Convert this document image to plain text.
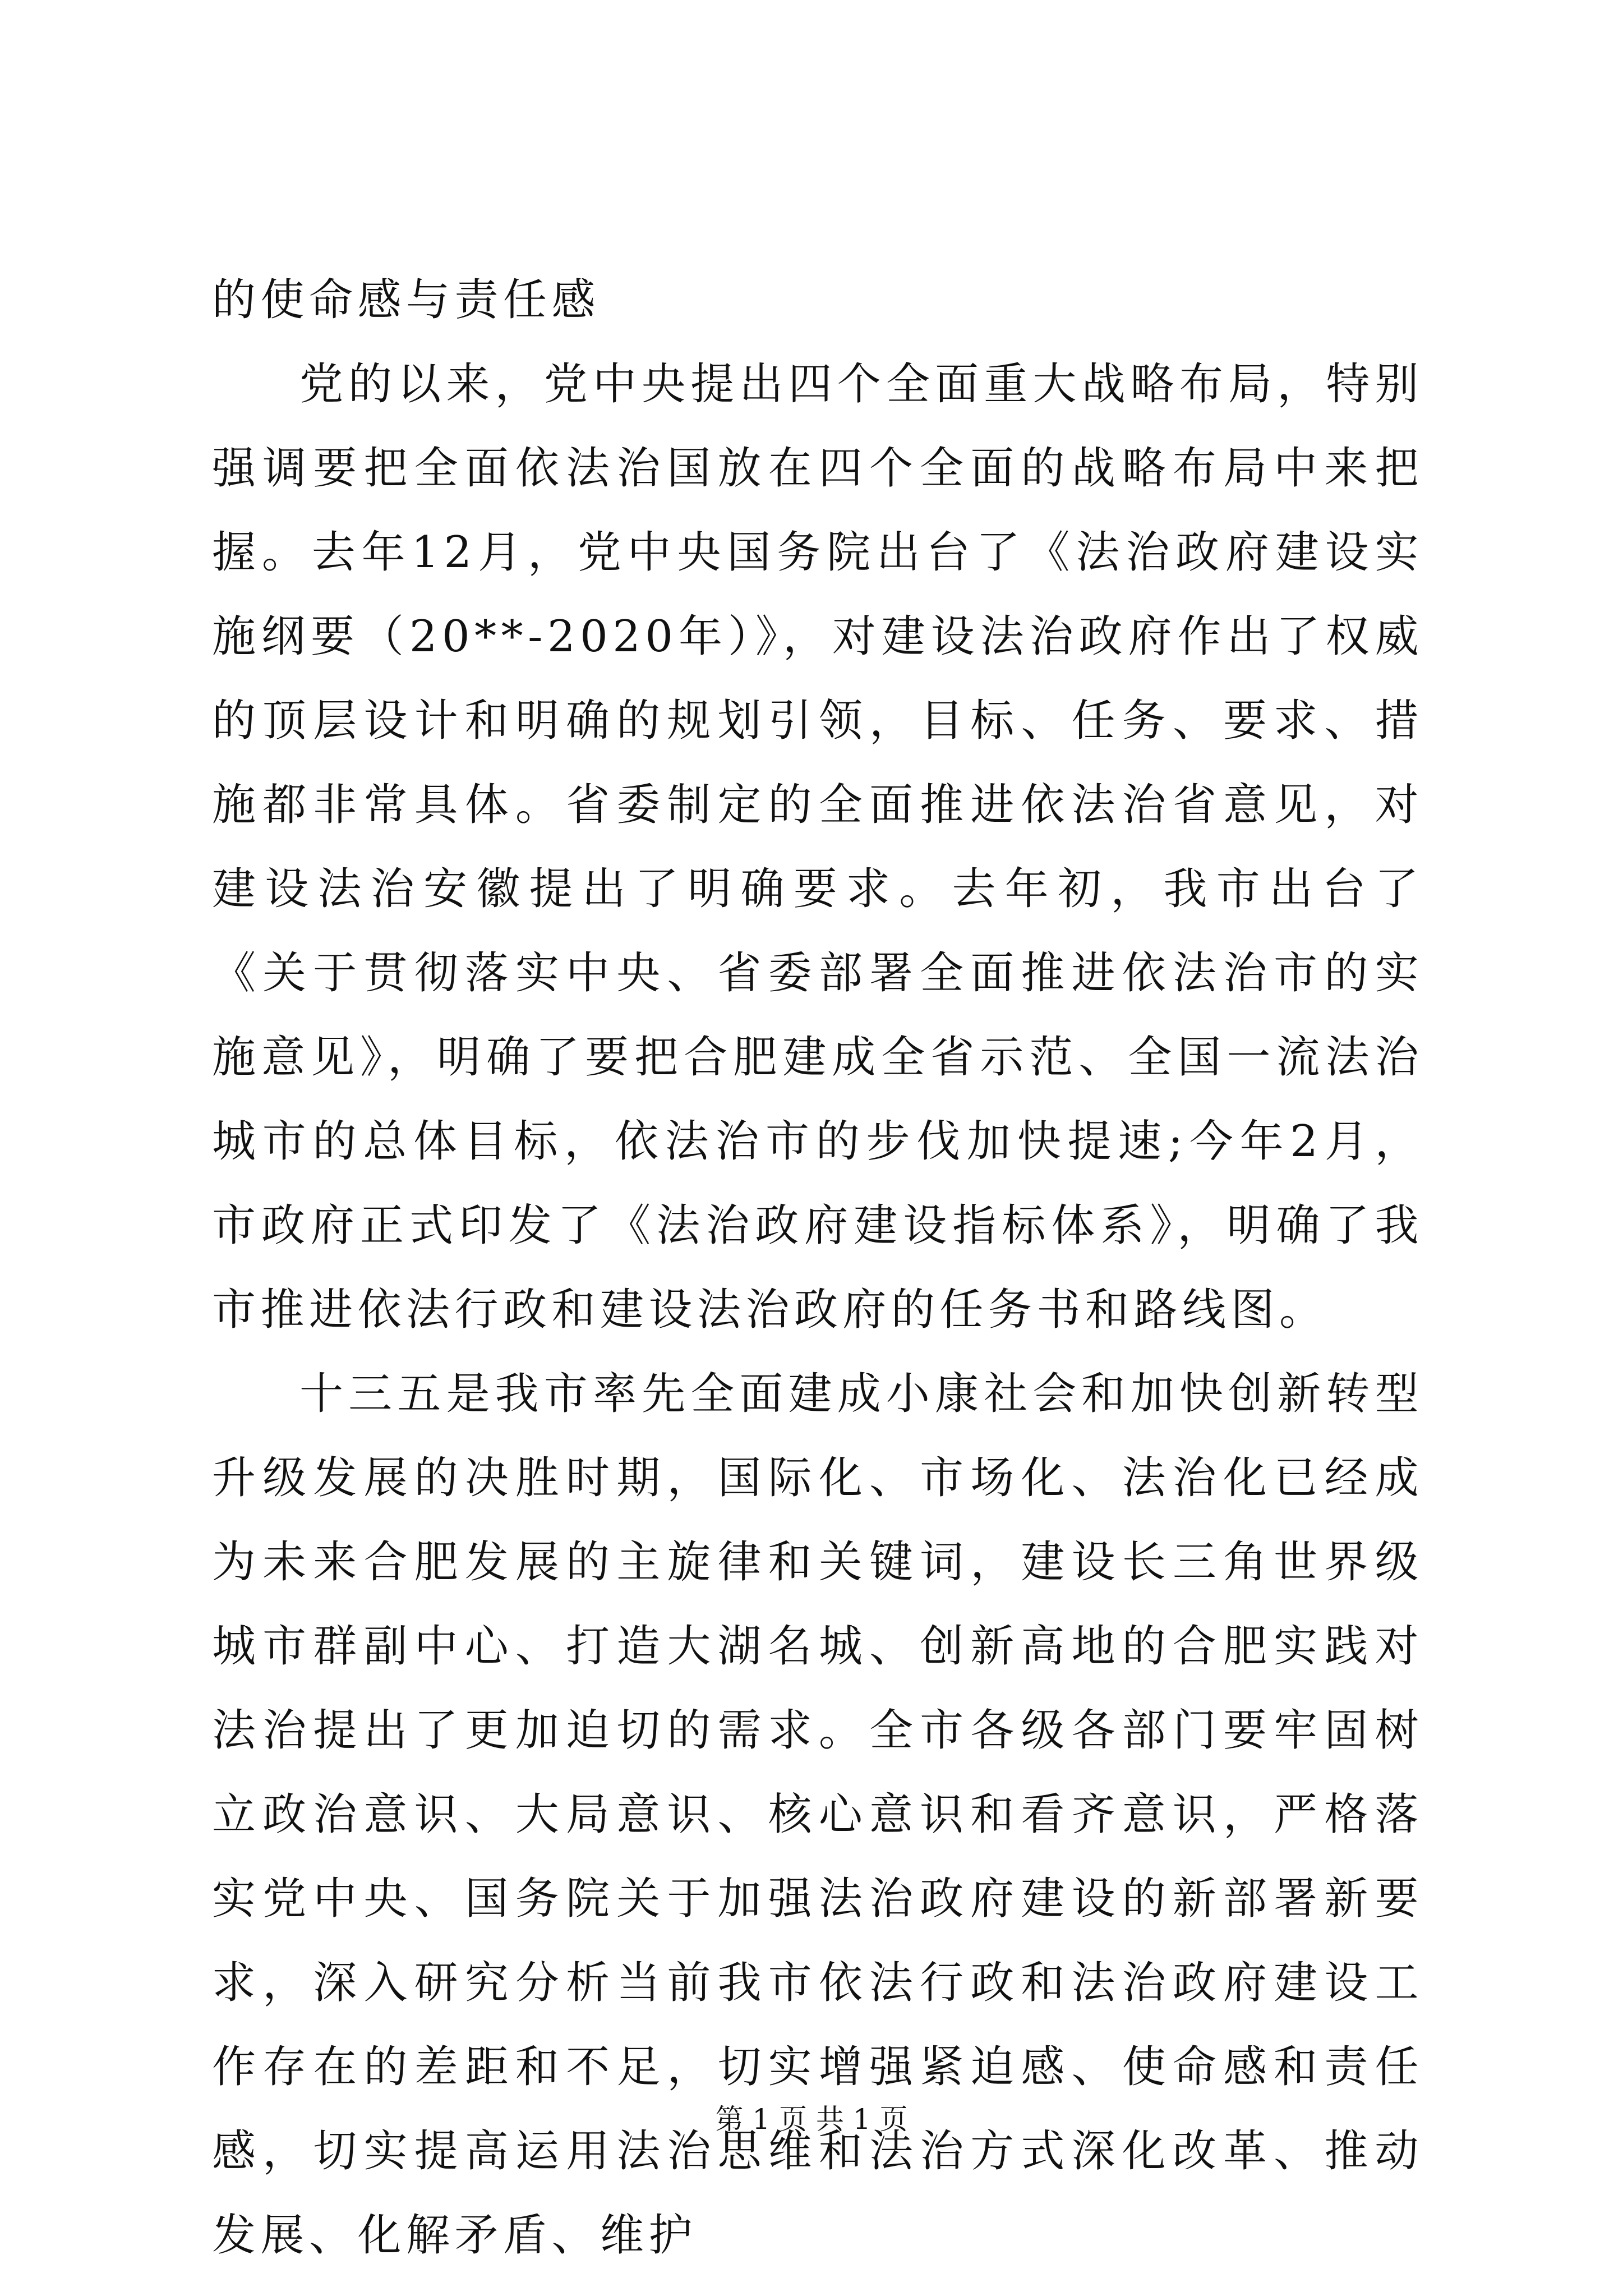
的使命感与责任感

党的以来，党中央提出四个全面重大战略布局，特别强调要把全面依法治国放在四个全面的战略布局中来把握。去年12月，党中央国务院出台了《法治政府建设实施纲要（20**-2020年）》，对建设法治政府作出了权威的顶层设计和明确的规划引领，目标、任务、要求、措施都非常具体。省委制定的全面推进依法治省意见，对建设法治安徽提出了明确要求。去年初，我市出台了《关于贯彻落实中央、省委部署全面推进依法治市的实施意见》，明确了要把合肥建成全省示范、全国一流法治城市的总体目标，依法治市的步伐加快提速;今年2月，市政府正式印发了《法治政府建设指标体系》，明确了我市推进依法行政和建设法治政府的任务书和路线图。

十三五是我市率先全面建成小康社会和加快创新转型升级发展的决胜时期，国际化、市场化、法治化已经成为未来合肥发展的主旋律和关键词，建设长三角世界级城市群副中心、打造大湖名城、创新高地的合肥实践对法治提出了更加迫切的需求。全市各级各部门要牢固树立政治意识、大局意识、核心意识和看齐意识，严格落实党中央、国务院关于加强法治政府建设的新部署新要求，深入研究分析当前我市依法行政和法治政府建设工作存在的差距和不足，切实增强紧迫感、使命感和责任感，切实提高运用法治思维和法治方式深化改革、推动发展、化解矛盾、维护

第 1 页 共 1 页
